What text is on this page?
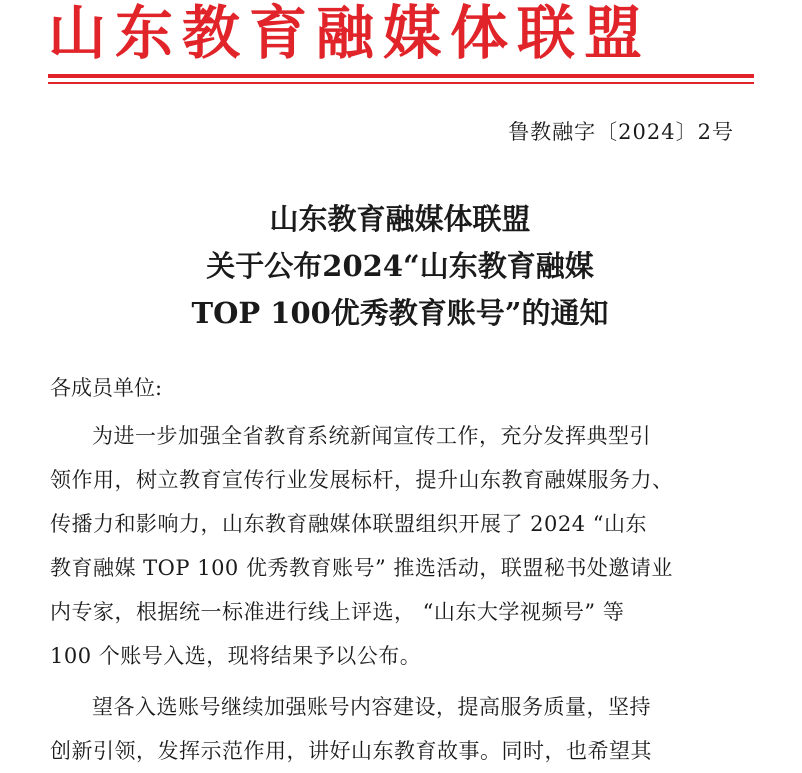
山东教育融媒体联盟
鲁教融字〔2024〕2号
山东教育融媒体联盟
关于公布2024“山东教育融媒
TOP 100优秀教育账号”的通知
各成员单位:
为进一步加强全省教育系统新闻宣传工作，充分发挥典型引
领作用，树立教育宣传行业发展标杆，提升山东教育融媒服务力、
传播力和影响力，山东教育融媒体联盟组织开展了 2024 “山东
教育融媒 TOP 100 优秀教育账号” 推选活动，联盟秘书处邀请业
内专家，根据统一标准进行线上评选， “山东大学视频号” 等
100 个账号入选，现将结果予以公布。
望各入选账号继续加强账号内容建设，提高服务质量，坚持
创新引领，发挥示范作用，讲好山东教育故事。同时，也希望其
